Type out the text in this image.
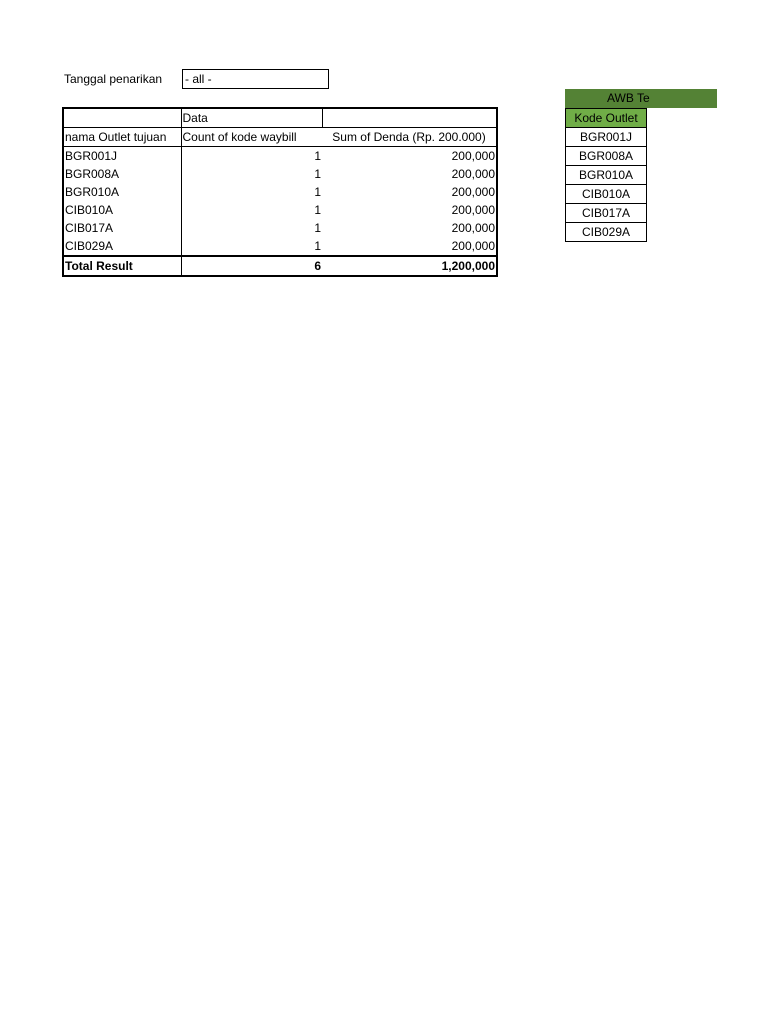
Tanggal penarikan - all -
	Data	
nama Outlet tujuan	Count of kode waybill	Sum of Denda (Rp. 200.000)
BGR001J	1	200,000
BGR008A	1	200,000
BGR010A	1	200,000
CIB010A	1	200,000
CIB017A	1	200,000
CIB029A	1	200,000
Total Result	6	1,200,000
AWB Te
Kode Outlet
BGR001J
BGR008A
BGR010A
CIB010A
CIB017A
CIB029A
